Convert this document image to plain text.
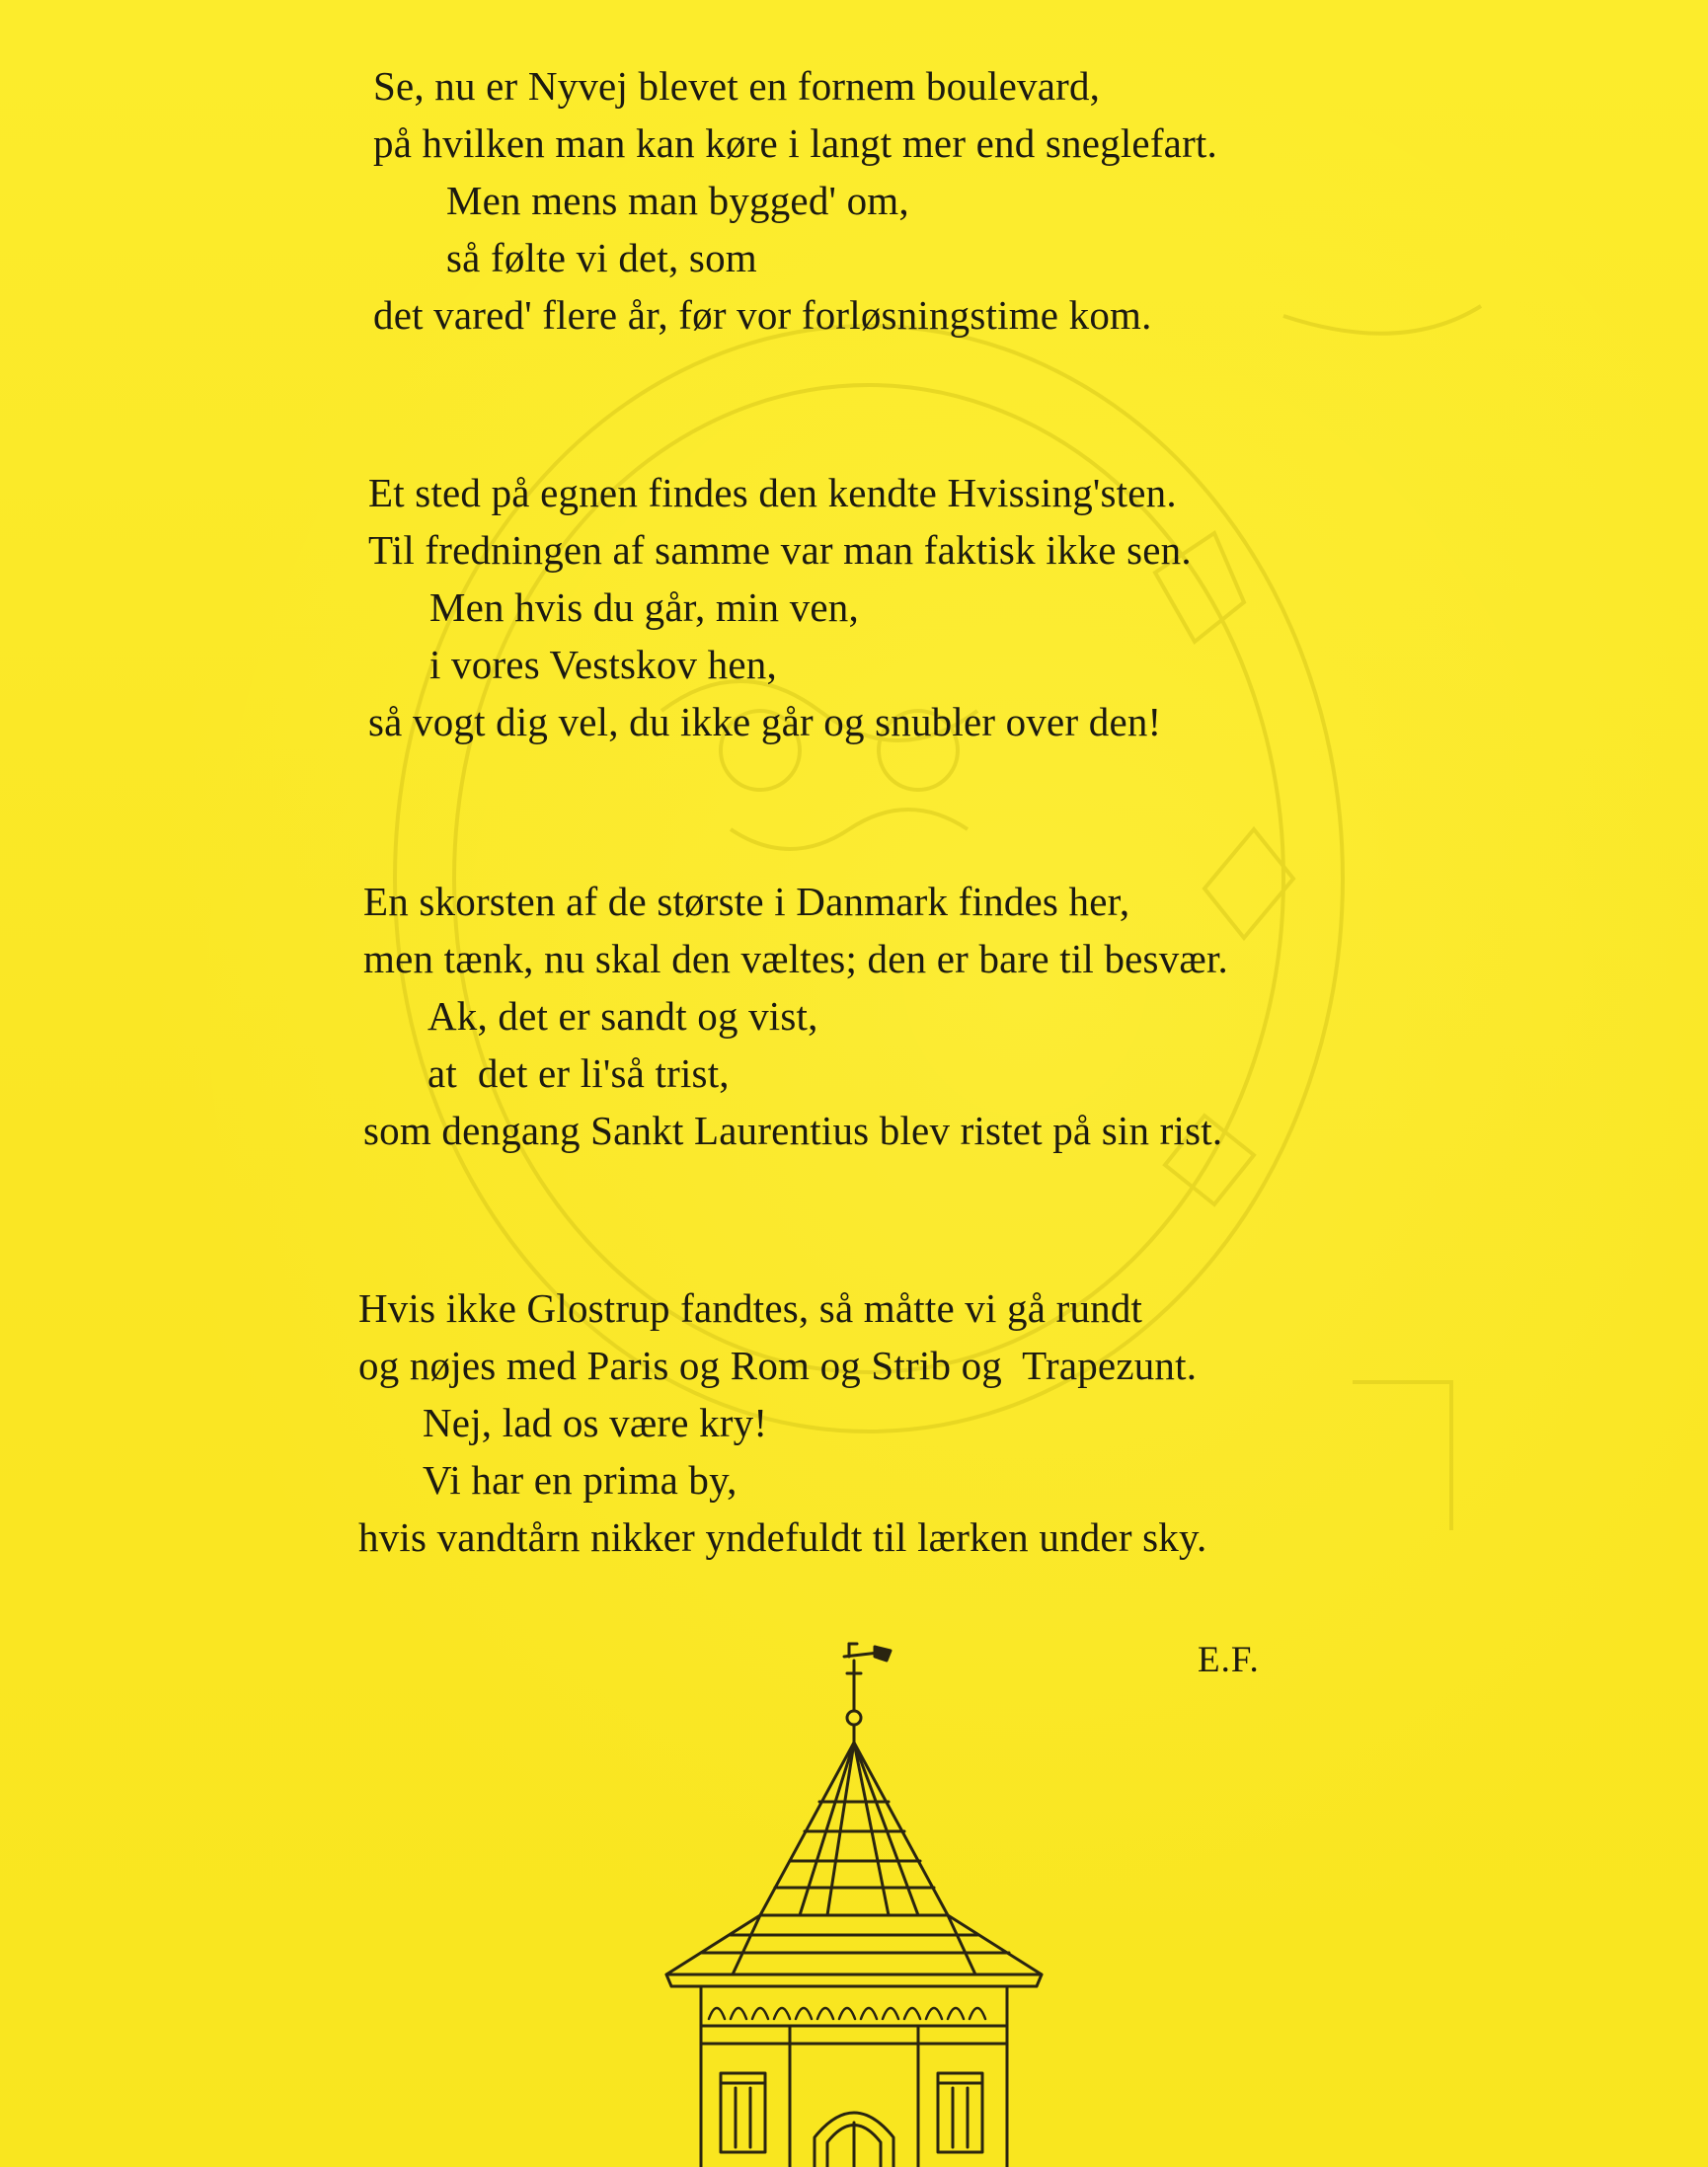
Se, nu er Nyvej blevet en fornem boulevard,
på hvilken man kan køre i langt mer end sneglefart.
Men mens man bygged' om,
så følte vi det, som
det vared' flere år, før vor forløsningstime kom.
Et sted på egnen findes den kendte Hvissing'sten.
Til fredningen af samme var man faktisk ikke sen.
Men hvis du går, min ven,
i vores Vestskov hen,
så vogt dig vel, du ikke går og snubler over den!
En skorsten af de største i Danmark findes her,
men tænk, nu skal den væltes; den er bare til besvær.
Ak, det er sandt og vist,
at  det er li'så trist,
som dengang Sankt Laurentius blev ristet på sin rist.
Hvis ikke Glostrup fandtes, så måtte vi gå rundt
og nøjes med Paris og Rom og Strib og  Trapezunt.
Nej, lad os være kry!
Vi har en prima by,
hvis vandtårn nikker yndefuldt til lærken under sky.
E.F.
